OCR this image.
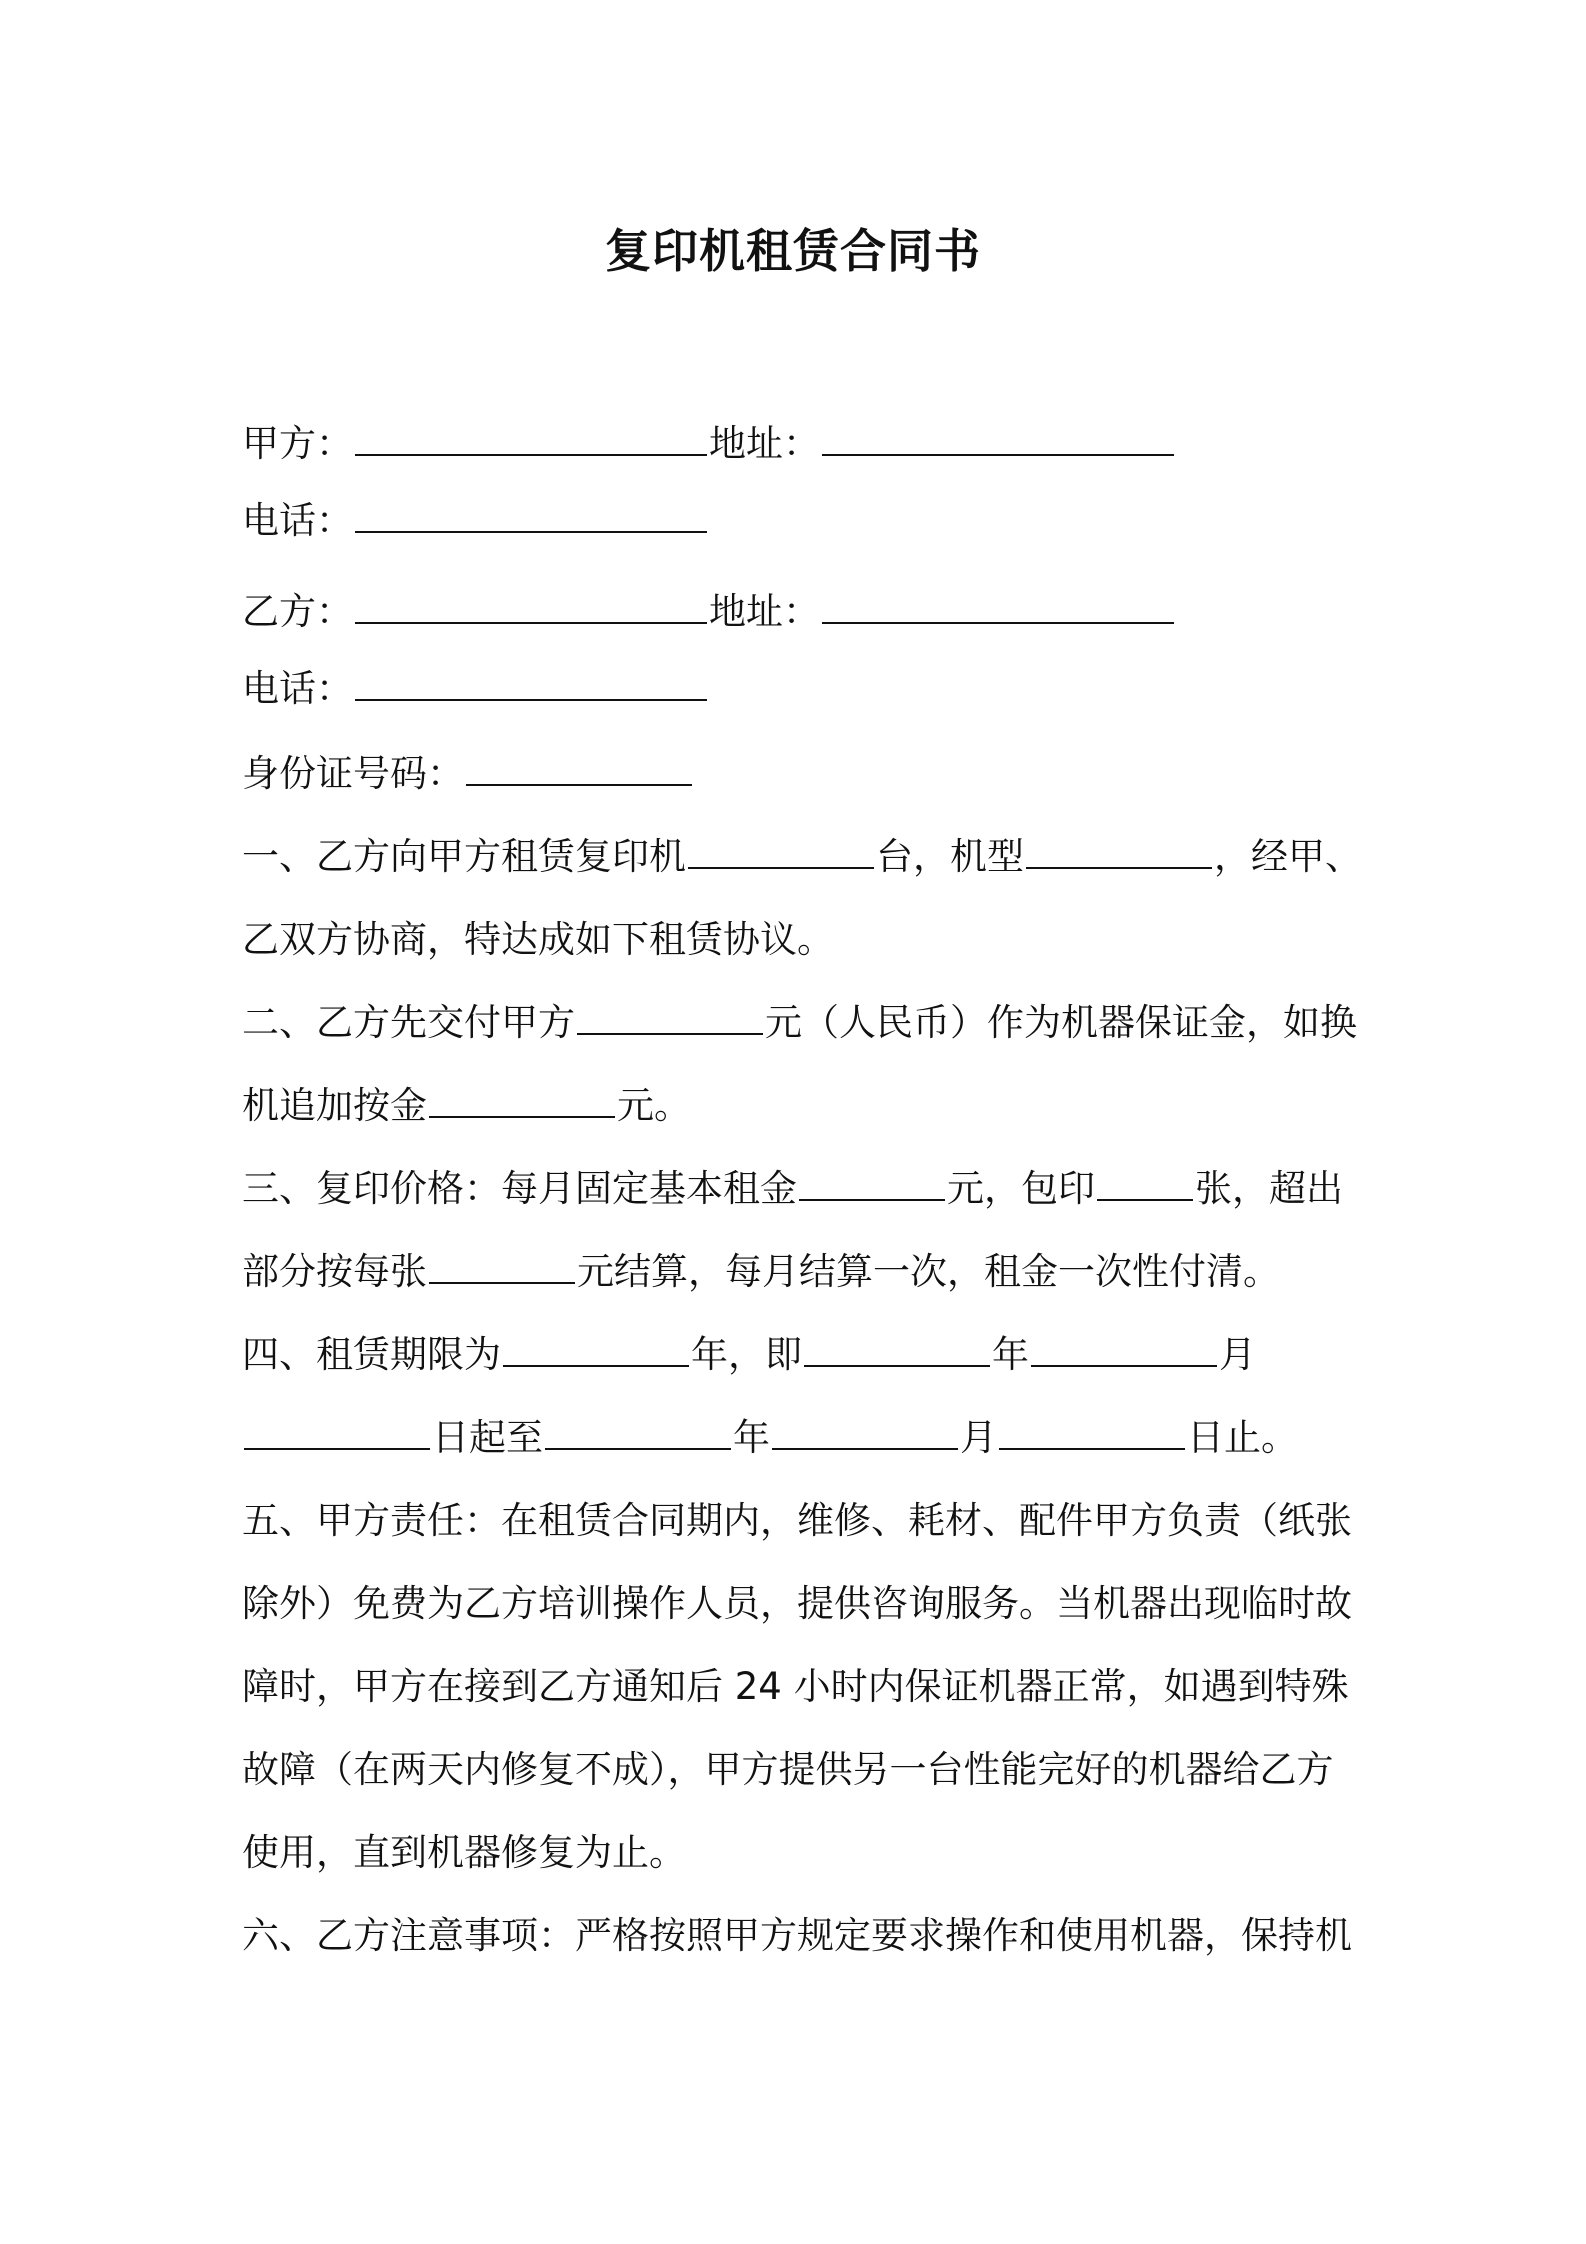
复印机租赁合同书
甲方：	地址：
电话：
乙方：	地址：
电话：
身份证号码：
一、乙方向甲方租赁复印机	台，机型	，经甲、
乙双方协商，特达成如下租赁协议。
二、乙方先交付甲方	元（人民币）作为机器保证金，如换
机追加按金	元。
三、复印价格：每月固定基本租金	元，包印	张，超出
部分按每张	元结算，每月结算一次，租金一次性付清。
四、租赁期限为	年，即	年	月
日起至	年	月	日止。
五、甲方责任：在租赁合同期内，维修、耗材、配件甲方负责（纸张
除外）免费为乙方培训操作人员，提供咨询服务。当机器出现临时故
障时，甲方在接到乙方通知后 24 小时内保证机器正常，如遇到特殊
故障（在两天内修复不成），甲方提供另一台性能完好的机器给乙方
使用，直到机器修复为止。
六、乙方注意事项：严格按照甲方规定要求操作和使用机器，保持机
